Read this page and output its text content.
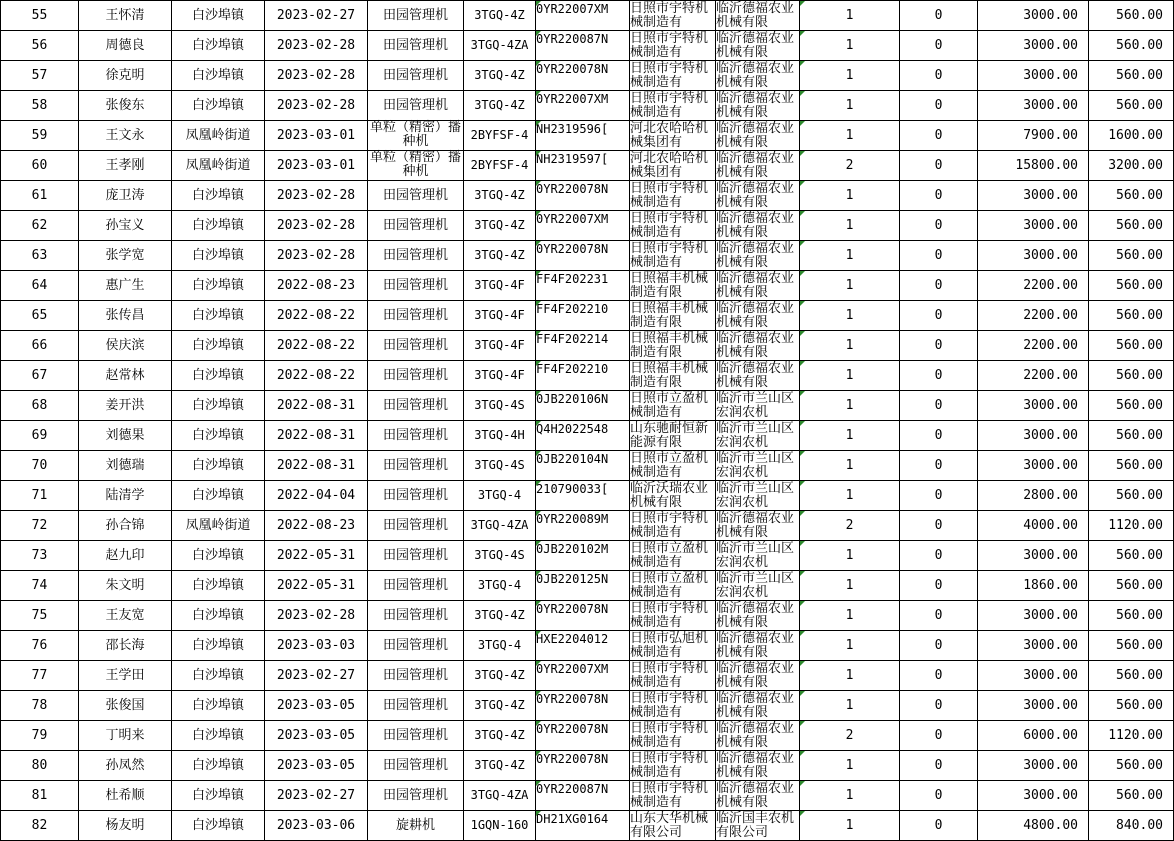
55	王怀清	白沙埠镇	2023-02-27	田园管理机	3TGQ-4Z	0YR22007XM	日照市宇特机械制造有	临沂德福农业机械有限	1	0	3000.00	560.00
56	周德良	白沙埠镇	2023-02-28	田园管理机	3TGQ-4ZA	0YR220087N	日照市宇特机械制造有	临沂德福农业机械有限	1	0	3000.00	560.00
57	徐克明	白沙埠镇	2023-02-28	田园管理机	3TGQ-4Z	0YR220078N	日照市宇特机械制造有	临沂德福农业机械有限	1	0	3000.00	560.00
58	张俊东	白沙埠镇	2023-02-28	田园管理机	3TGQ-4Z	0YR22007XM	日照市宇特机械制造有	临沂德福农业机械有限	1	0	3000.00	560.00
59	王文永	凤凰岭街道	2023-03-01	单粒（精密）播种机	2BYFSF-4	NH2319596[	河北农哈哈机械集团有	临沂德福农业机械有限	1	0	7900.00	1600.00
60	王孝刚	凤凰岭街道	2023-03-01	单粒（精密）播种机	2BYFSF-4	NH2319597[	河北农哈哈机械集团有	临沂德福农业机械有限	2	0	15800.00	3200.00
61	庞卫涛	白沙埠镇	2023-02-28	田园管理机	3TGQ-4Z	0YR220078N	日照市宇特机械制造有	临沂德福农业机械有限	1	0	3000.00	560.00
62	孙宝义	白沙埠镇	2023-02-28	田园管理机	3TGQ-4Z	0YR22007XM	日照市宇特机械制造有	临沂德福农业机械有限	1	0	3000.00	560.00
63	张学宽	白沙埠镇	2023-02-28	田园管理机	3TGQ-4Z	0YR220078N	日照市宇特机械制造有	临沂德福农业机械有限	1	0	3000.00	560.00
64	惠广生	白沙埠镇	2022-08-23	田园管理机	3TGQ-4F	FF4F202231	日照福丰机械制造有限	临沂德福农业机械有限	1	0	2200.00	560.00
65	张传昌	白沙埠镇	2022-08-22	田园管理机	3TGQ-4F	FF4F202210	日照福丰机械制造有限	临沂德福农业机械有限	1	0	2200.00	560.00
66	侯庆滨	白沙埠镇	2022-08-22	田园管理机	3TGQ-4F	FF4F202214	日照福丰机械制造有限	临沂德福农业机械有限	1	0	2200.00	560.00
67	赵常林	白沙埠镇	2022-08-22	田园管理机	3TGQ-4F	FF4F202210	日照福丰机械制造有限	临沂德福农业机械有限	1	0	2200.00	560.00
68	姜开洪	白沙埠镇	2022-08-31	田园管理机	3TGQ-4S	0JB220106N	日照市立盈机械制造有	临沂市兰山区宏润农机	1	0	3000.00	560.00
69	刘德果	白沙埠镇	2022-08-31	田园管理机	3TGQ-4H	Q4H2022548	山东驰耐恒新能源有限	临沂市兰山区宏润农机	1	0	3000.00	560.00
70	刘德瑞	白沙埠镇	2022-08-31	田园管理机	3TGQ-4S	0JB220104N	日照市立盈机械制造有	临沂市兰山区宏润农机	1	0	3000.00	560.00
71	陆清学	白沙埠镇	2022-04-04	田园管理机	3TGQ-4	210790033[	临沂沃瑞农业机械有限	临沂市兰山区宏润农机	1	0	2800.00	560.00
72	孙合锦	凤凰岭街道	2022-08-23	田园管理机	3TGQ-4ZA	0YR220089M	日照市宇特机械制造有	临沂德福农业机械有限	2	0	4000.00	1120.00
73	赵九印	白沙埠镇	2022-05-31	田园管理机	3TGQ-4S	0JB220102M	日照市立盈机械制造有	临沂市兰山区宏润农机	1	0	3000.00	560.00
74	朱文明	白沙埠镇	2022-05-31	田园管理机	3TGQ-4	0JB220125N	日照市立盈机械制造有	临沂市兰山区宏润农机	1	0	1860.00	560.00
75	王友宽	白沙埠镇	2023-02-28	田园管理机	3TGQ-4Z	0YR220078N	日照市宇特机械制造有	临沂德福农业机械有限	1	0	3000.00	560.00
76	邵长海	白沙埠镇	2023-03-03	田园管理机	3TGQ-4	HXE2204012	日照市弘旭机械制造有	临沂德福农业机械有限	1	0	3000.00	560.00
77	王学田	白沙埠镇	2023-02-27	田园管理机	3TGQ-4Z	0YR22007XM	日照市宇特机械制造有	临沂德福农业机械有限	1	0	3000.00	560.00
78	张俊国	白沙埠镇	2023-03-05	田园管理机	3TGQ-4Z	0YR220078N	日照市宇特机械制造有	临沂德福农业机械有限	1	0	3000.00	560.00
79	丁明来	白沙埠镇	2023-03-05	田园管理机	3TGQ-4Z	0YR220078N	日照市宇特机械制造有	临沂德福农业机械有限	2	0	6000.00	1120.00
80	孙凤然	白沙埠镇	2023-03-05	田园管理机	3TGQ-4Z	0YR220078N	日照市宇特机械制造有	临沂德福农业机械有限	1	0	3000.00	560.00
81	杜希顺	白沙埠镇	2023-02-27	田园管理机	3TGQ-4ZA	0YR220087N	日照市宇特机械制造有	临沂德福农业机械有限	1	0	3000.00	560.00
82	杨友明	白沙埠镇	2023-03-06	旋耕机	1GQN-160	DH21XG0164	山东大华机械有限公司	临沂国丰农机有限公司	1	0	4800.00	840.00
